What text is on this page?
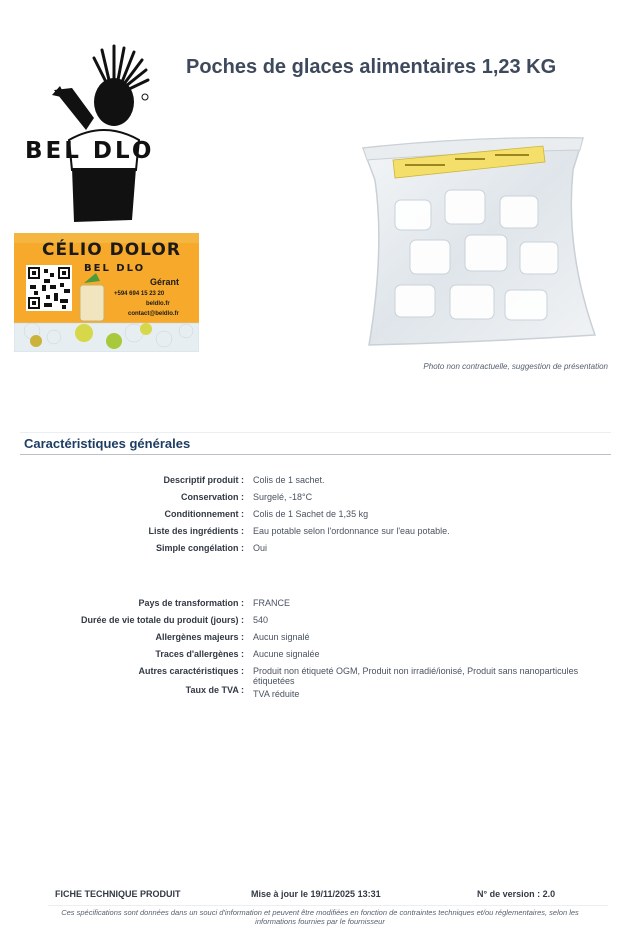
Poches de glaces alimentaires 1,23 KG
BEL DLO
CÉLIO DOLOR
BEL DLO
Gérant
+594 694 15 23 20
beldlo.fr
contact@beldlo.fr
Photo non contractuelle, suggestion de présentation
Caractéristiques générales
Descriptif produit : Colis de 1 sachet.
Conservation : Surgelé, -18°C
Conditionnement : Colis de 1 Sachet de 1,35 kg
Liste des ingrédients : Eau potable selon l'ordonnance sur l'eau potable.
Simple congélation : Oui
Pays de transformation : FRANCE
Durée de vie totale du produit (jours) : 540
Allergènes majeurs : Aucun signalé
Traces d'allergènes : Aucune signalée
Autres caractéristiques : Produit non étiqueté OGM, Produit non irradié/ionisé, Produit sans nanoparticules étiquetées
Taux de TVA : TVA réduite
FICHE TECHNIQUE PRODUIT	Mise à jour le 19/11/2025 13:31	N° de version : 2.0
Ces spécifications sont données dans un souci d'information et peuvent être modifiées en fonction de contraintes techniques et/ou réglementaires, selon les informations fournies par le fournisseur
